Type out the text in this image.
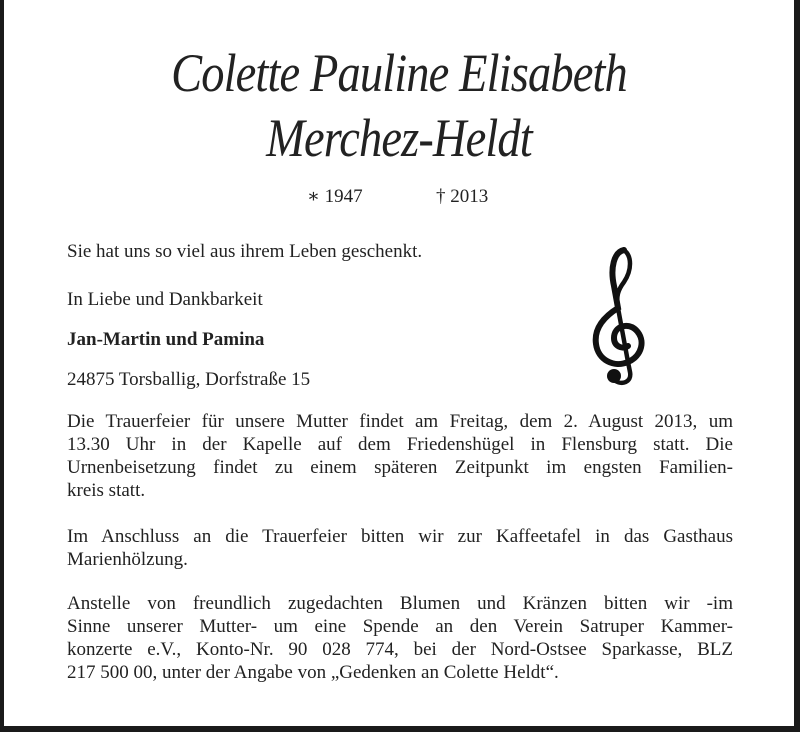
Colette Pauline Elisabeth
Merchez-Heldt
∗ 1947	† 2013
Sie hat uns so viel aus ihrem Leben geschenkt.
In Liebe und Dankbarkeit
Jan-Martin und Pamina
24875 Torsballig, Dorfstraße 15
Die Trauerfeier für unsere Mutter findet am Freitag, dem 2. August 2013, um
13.30 Uhr in der Kapelle auf dem Friedenshügel in Flensburg statt. Die
Urnenbeisetzung findet zu einem späteren Zeitpunkt im engsten Familien-
kreis statt.
Im Anschluss an die Trauerfeier bitten wir zur Kaffeetafel in das Gasthaus
Marienhölzung.
Anstelle von freundlich zugedachten Blumen und Kränzen bitten wir -im
Sinne unserer Mutter- um eine Spende an den Verein Satruper Kammer-
konzerte e.V., Konto-Nr. 90 028 774, bei der Nord-Ostsee Sparkasse, BLZ
217 500 00, unter der Angabe von „Gedenken an Colette Heldt“.
